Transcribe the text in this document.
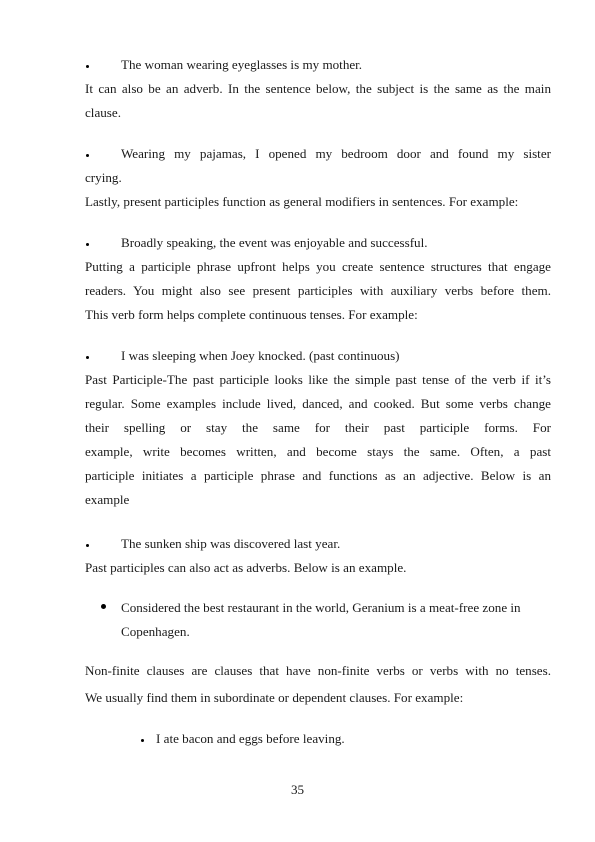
The woman wearing eyeglasses is my mother.
It can also be an adverb. In the sentence below, the subject is the same as the main
clause.
Wearing my pajamas, I opened my bedroom door and found my sister
crying.
Lastly, present participles function as general modifiers in sentences. For example:
Broadly speaking, the event was enjoyable and successful.
Putting a participle phrase upfront helps you create sentence structures that engage
readers. You might also see present participles with auxiliary verbs before them.
This verb form helps complete continuous tenses. For example:
I was sleeping when Joey knocked. (past continuous)
Past Participle-The past participle looks like the simple past tense of the verb if it’s
regular. Some examples include lived, danced, and cooked. But some verbs change
their spelling or stay the same for their past participle forms. For
example, write becomes written, and become stays the same. Often, a past
participle initiates a participle phrase and functions as an adjective. Below is an
example
The sunken ship was discovered last year.
Past participles can also act as adverbs. Below is an example.
Considered the best restaurant in the world, Geranium is a meat-free zone in
Copenhagen.
Non-finite clauses are clauses that have non-finite verbs or verbs with no tenses.
We usually find them in subordinate or dependent clauses. For example:
I ate bacon and eggs before leaving.
35
